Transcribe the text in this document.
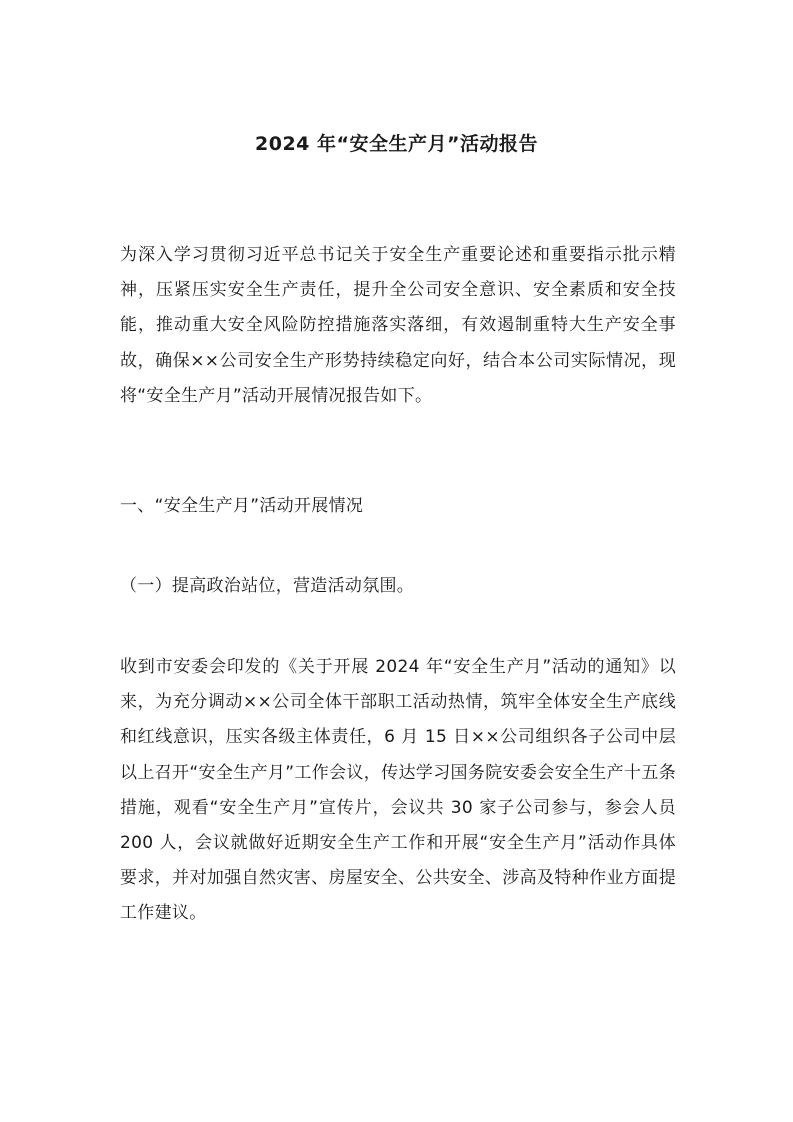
2024 年“安全生产月”活动报告

为深入学习贯彻习近平总书记关于安全生产重要论述和重要指示批示精神，压紧压实安全生产责任，提升全公司安全意识、安全素质和安全技能，推动重大安全风险防控措施落实落细，有效遏制重特大生产安全事故，确保××公司安全生产形势持续稳定向好，结合本公司实际情况，现将“安全生产月”活动开展情况报告如下。

一、“安全生产月”活动开展情况

（一）提高政治站位，营造活动氛围。

收到市安委会印发的《关于开展 2024 年“安全生产月”活动的通知》以来，为充分调动××公司全体干部职工活动热情，筑牢全体安全生产底线和红线意识，压实各级主体责任，6 月 15 日××公司组织各子公司中层以上召开“安全生产月”工作会议，传达学习国务院安委会安全生产十五条措施，观看“安全生产月”宣传片，会议共 30 家子公司参与，参会人员 200 人，会议就做好近期安全生产工作和开展“安全生产月”活动作具体要求，并对加强自然灾害、房屋安全、公共安全、涉高及特种作业方面提工作建议。
